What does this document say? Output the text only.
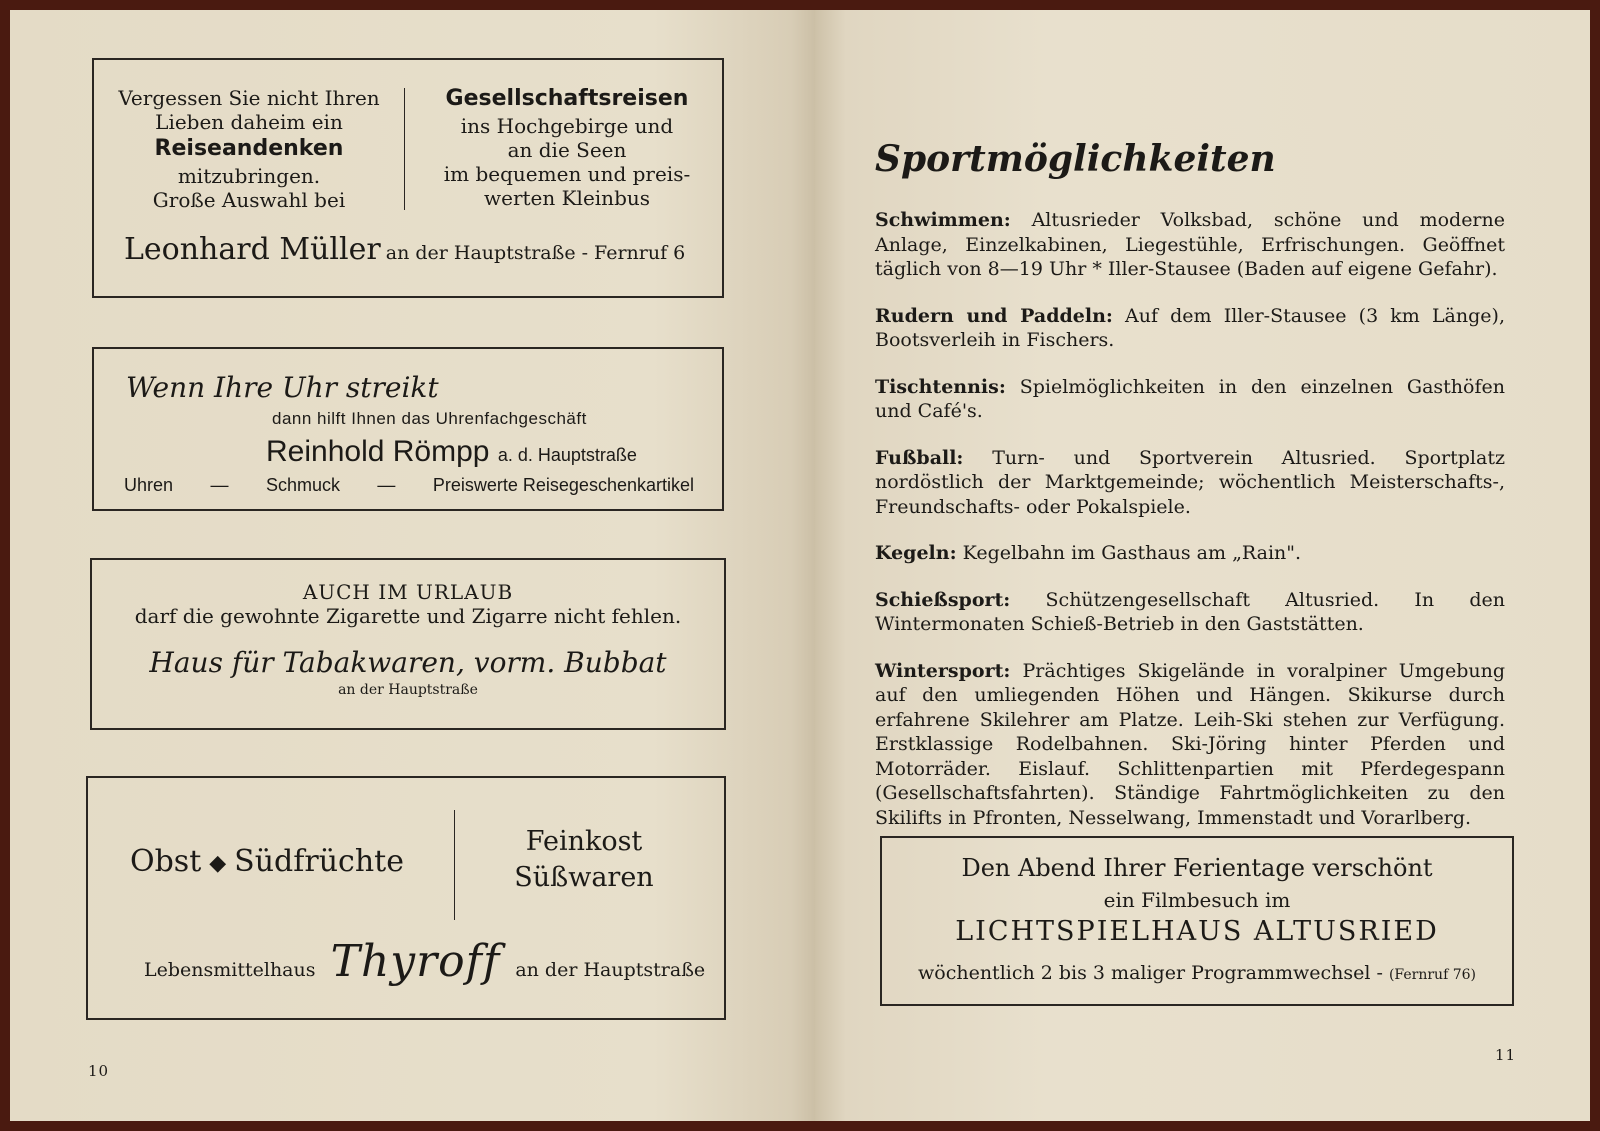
Vergessen Sie nicht Ihren
Lieben daheim ein
Reiseandenken
mitzubringen.
Große Auswahl bei
Gesellschaftsreisen
ins Hochgebirge und
an die Seen
im bequemen und preis-
werten Kleinbus
Leonhard Müller an der Hauptstraße - Fernruf 6
Wenn Ihre Uhr streikt
dann hilft Ihnen das Uhrenfachgeschäft
Reinhold Römpp a. d. Hauptstraße
Uhren — Schmuck — Preiswerte Reisegeschenkartikel
AUCH IM URLAUB
darf die gewohnte Zigarette und Zigarre nicht fehlen.
Haus für Tabakwaren, vorm. Bubbat
an der Hauptstraße
Obst ◆ Südfrüchte
Feinkost
Süßwaren
Lebensmittelhaus Thyroff an der Hauptstraße
10
Sportmöglichkeiten
Schwimmen: Altusrieder Volksbad, schöne und moderne Anlage, Einzelkabinen, Liegestühle, Erfrischungen. Geöffnet täglich von 8—19 Uhr * Iller-Stausee (Baden auf eigene Gefahr).
Rudern und Paddeln: Auf dem Iller-Stausee (3 km Länge), Bootsverleih in Fischers.
Tischtennis: Spielmöglichkeiten in den einzelnen Gasthöfen und Café's.
Fußball: Turn- und Sportverein Altusried. Sportplatz nordöstlich der Marktgemeinde; wöchentlich Meisterschafts-, Freundschafts- oder Pokalspiele.
Kegeln: Kegelbahn im Gasthaus am „Rain".
Schießsport: Schützengesellschaft Altusried. In den Wintermonaten Schieß-Betrieb in den Gaststätten.
Wintersport: Prächtiges Skigelände in voralpiner Umgebung auf den umliegenden Höhen und Hängen. Skikurse durch erfahrene Skilehrer am Platze. Leih-Ski stehen zur Verfügung. Erstklassige Rodelbahnen. Ski-Jöring hinter Pferden und Motorräder. Eislauf. Schlittenpartien mit Pferdegespann (Gesellschaftsfahrten). Ständige Fahrtmöglichkeiten zu den Skilifts in Pfronten, Nesselwang, Immenstadt und Vorarlberg.
Den Abend Ihrer Ferientage verschönt
ein Filmbesuch im
LICHTSPIELHAUS ALTUSRIED
wöchentlich 2 bis 3 maliger Programmwechsel - (Fernruf 76)
11
